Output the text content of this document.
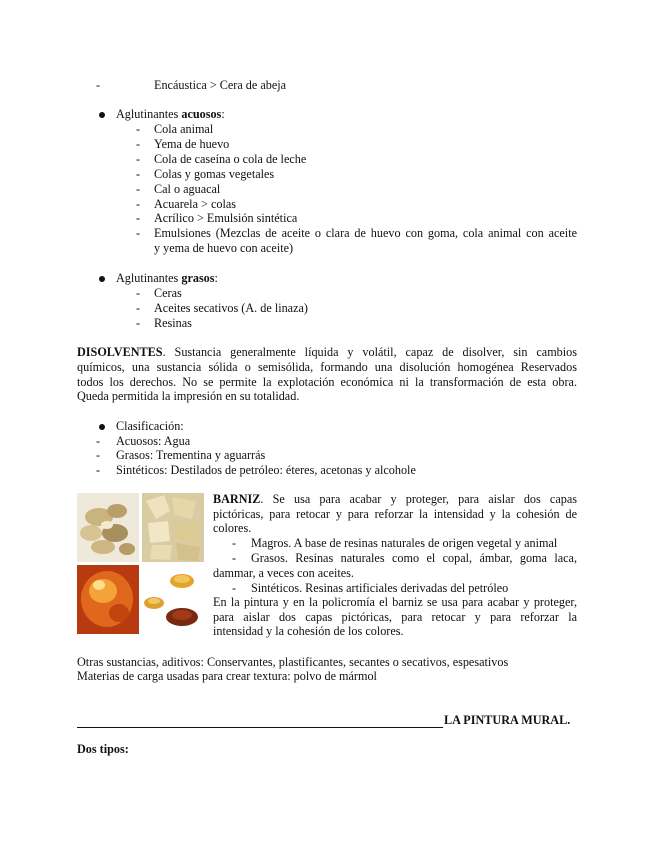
- Encáustica > Cera de abeja
Aglutinantes acuosos:
- Cola animal
- Yema de huevo
- Cola de caseína o cola de leche
- Colas y gomas vegetales
- Cal o aguacal
- Acuarela > colas
- Acrílico > Emulsión sintética
- Emulsiones (Mezclas de aceite o clara de huevo con goma, cola animal con aceite
y yema de huevo con aceite)
Aglutinantes grasos:
- Ceras
- Aceites secativos (A. de linaza)
- Resinas
DISOLVENTES. Sustancia generalmente líquida y volátil, capaz de disolver, sin cambios
químicos, una sustancia sólida o semisólida, formando una disolución homogénea Reservados
todos los derechos. No se permite la explotación económica ni la transformación de esta obra.
Queda permitida la impresión en su totalidad.
Clasificación:
- Acuosos: Agua
- Grasos: Trementina y aguarrás
- Sintéticos: Destilados de petróleo: éteres, acetonas y alcohole
BARNIZ. Se usa para acabar y proteger, para aislar dos capas
pictóricas, para retocar y para reforzar la intensidad y la cohesión de
colores.
- Magros. A base de resinas naturales de origen vegetal y animal
- Grasos. Resinas naturales como el copal, ámbar, goma laca,
dammar, a veces con aceites.
- Sintéticos. Resinas artificiales derivadas del petróleo
En la pintura y en la policromía el barniz se usa para acabar y proteger,
para aislar dos capas pictóricas, para retocar y para reforzar la
intensidad y la cohesión de los colores.
Otras sustancias, aditivos: Conservantes, plastificantes, secantes o secativos, espesativos
Materias de carga usadas para crear textura: polvo de mármol
LA PINTURA MURAL.
Dos tipos:
